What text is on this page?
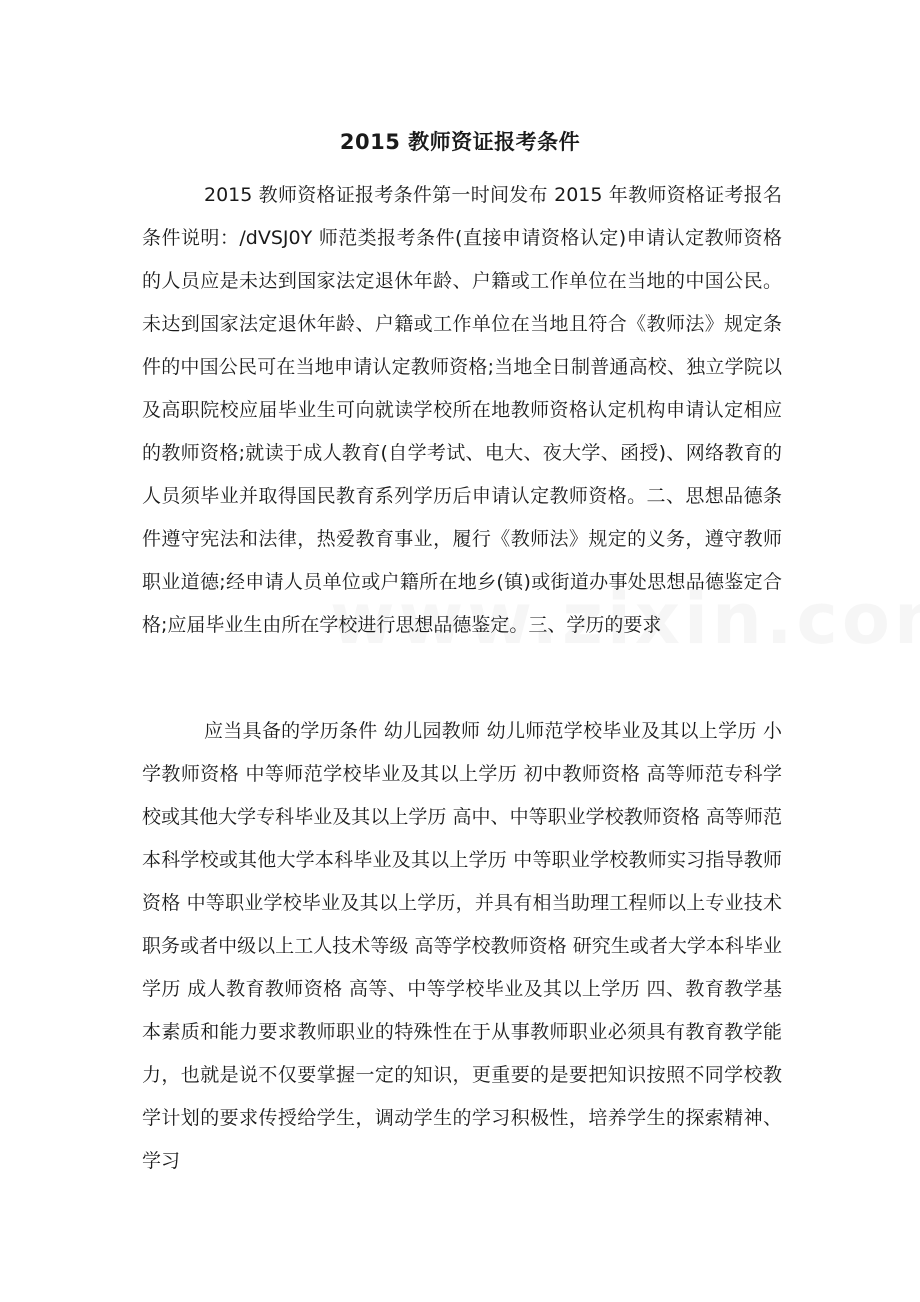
2015 教师资证报考条件

2015 教师资格证报考条件第一时间发布 2015 年教师资格证考报名条件说明：/dVSJ0Y 师范类报考条件(直接申请资格认定)申请认定教师资格的人员应是未达到国家法定退休年龄、户籍或工作单位在当地的中国公民。未达到国家法定退休年龄、户籍或工作单位在当地且符合《教师法》规定条件的中国公民可在当地申请认定教师资格;当地全日制普通高校、独立学院以及高职院校应届毕业生可向就读学校所在地教师资格认定机构申请认定相应的教师资格;就读于成人教育(自学考试、电大、夜大学、函授)、网络教育的人员须毕业并取得国民教育系列学历后申请认定教师资格。二、思想品德条件遵守宪法和法律，热爱教育事业，履行《教师法》规定的义务，遵守教师职业道德;经申请人员单位或户籍所在地乡(镇)或街道办事处思想品德鉴定合格;应届毕业生由所在学校进行思想品德鉴定。三、学历的要求

应当具备的学历条件 幼儿园教师 幼儿师范学校毕业及其以上学历 小学教师资格 中等师范学校毕业及其以上学历 初中教师资格 高等师范专科学校或其他大学专科毕业及其以上学历 高中、中等职业学校教师资格 高等师范本科学校或其他大学本科毕业及其以上学历 中等职业学校教师实习指导教师资格 中等职业学校毕业及其以上学历，并具有相当助理工程师以上专业技术职务或者中级以上工人技术等级 高等学校教师资格 研究生或者大学本科毕业学历 成人教育教师资格 高等、中等学校毕业及其以上学历 四、教育教学基本素质和能力要求教师职业的特殊性在于从事教师职业必须具有教育教学能力，也就是说不仅要掌握一定的知识，更重要的是要把知识按照不同学校教学计划的要求传授给学生，调动学生的学习积极性，培养学生的探索精神、学习
